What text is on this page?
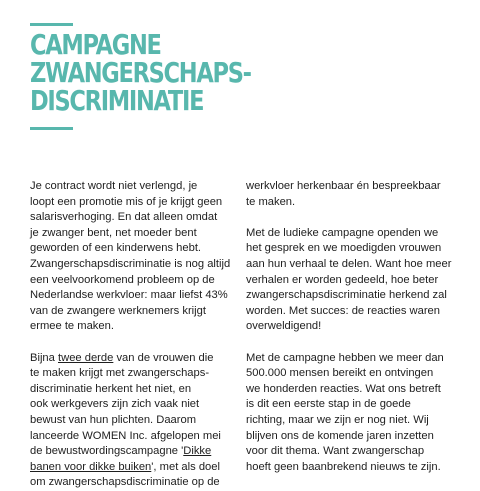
CAMPAGNE
ZWANGERSCHAPS-
DISCRIMINATIE
Je contract wordt niet verlengd, je
loopt een promotie mis of je krijgt geen
salarisverhoging. En dat alleen omdat
je zwanger bent, net moeder bent
geworden of een kinderwens hebt.
Zwangerschapsdiscriminatie is nog altijd
een veelvoorkomend probleem op de
Nederlandse werkvloer: maar liefst 43%
van de zwangere werknemers krijgt
ermee te maken.
Bijna twee derde van de vrouwen die
te maken krijgt met zwangerschaps-
discriminatie herkent het niet, en
ook werkgevers zijn zich vaak niet
bewust van hun plichten. Daarom
lanceerde WOMEN Inc. afgelopen mei
de bewustwordingscampagne 'Dikke
banen voor dikke buiken', met als doel
om zwangerschapsdiscriminatie op de
werkvloer herkenbaar én bespreekbaar
te maken.
Met de ludieke campagne openden we
het gesprek en we moedigden vrouwen
aan hun verhaal te delen. Want hoe meer
verhalen er worden gedeeld, hoe beter
zwangerschapsdiscriminatie herkend zal
worden. Met succes: de reacties waren
overweldigend!
Met de campagne hebben we meer dan
500.000 mensen bereikt en ontvingen
we honderden reacties. Wat ons betreft
is dit een eerste stap in de goede
richting, maar we zijn er nog niet. Wij
blijven ons de komende jaren inzetten
voor dit thema. Want zwangerschap
hoeft geen baanbrekend nieuws te zijn.
